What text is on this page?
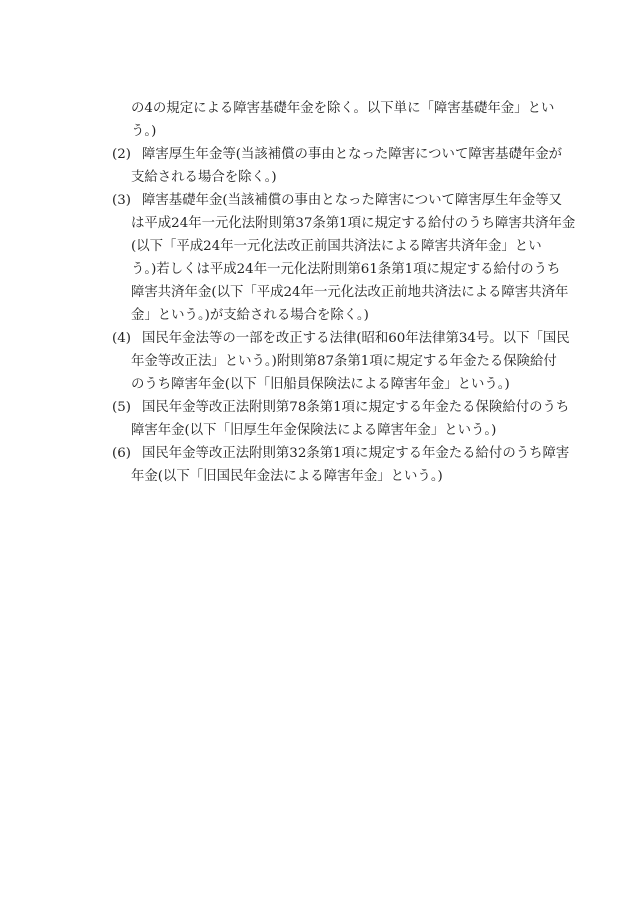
の4の規定による障害基礎年金を除く。以下単に「障害基礎年金」とい
う。)
(2) 障害厚生年金等(当該補償の事由となった障害について障害基礎年金が
支給される場合を除く。)
(3) 障害基礎年金(当該補償の事由となった障害について障害厚生年金等又
は平成24年一元化法附則第37条第1項に規定する給付のうち障害共済年金
(以下「平成24年一元化法改正前国共済法による障害共済年金」とい
う。)若しくは平成24年一元化法附則第61条第1項に規定する給付のうち
障害共済年金(以下「平成24年一元化法改正前地共済法による障害共済年
金」という。)が支給される場合を除く。)
(4) 国民年金法等の一部を改正する法律(昭和60年法律第34号。以下「国民
年金等改正法」という。)附則第87条第1項に規定する年金たる保険給付
のうち障害年金(以下「旧船員保険法による障害年金」という。)
(5) 国民年金等改正法附則第78条第1項に規定する年金たる保険給付のうち
障害年金(以下「旧厚生年金保険法による障害年金」という。)
(6) 国民年金等改正法附則第32条第1項に規定する年金たる給付のうち障害
年金(以下「旧国民年金法による障害年金」という。)
